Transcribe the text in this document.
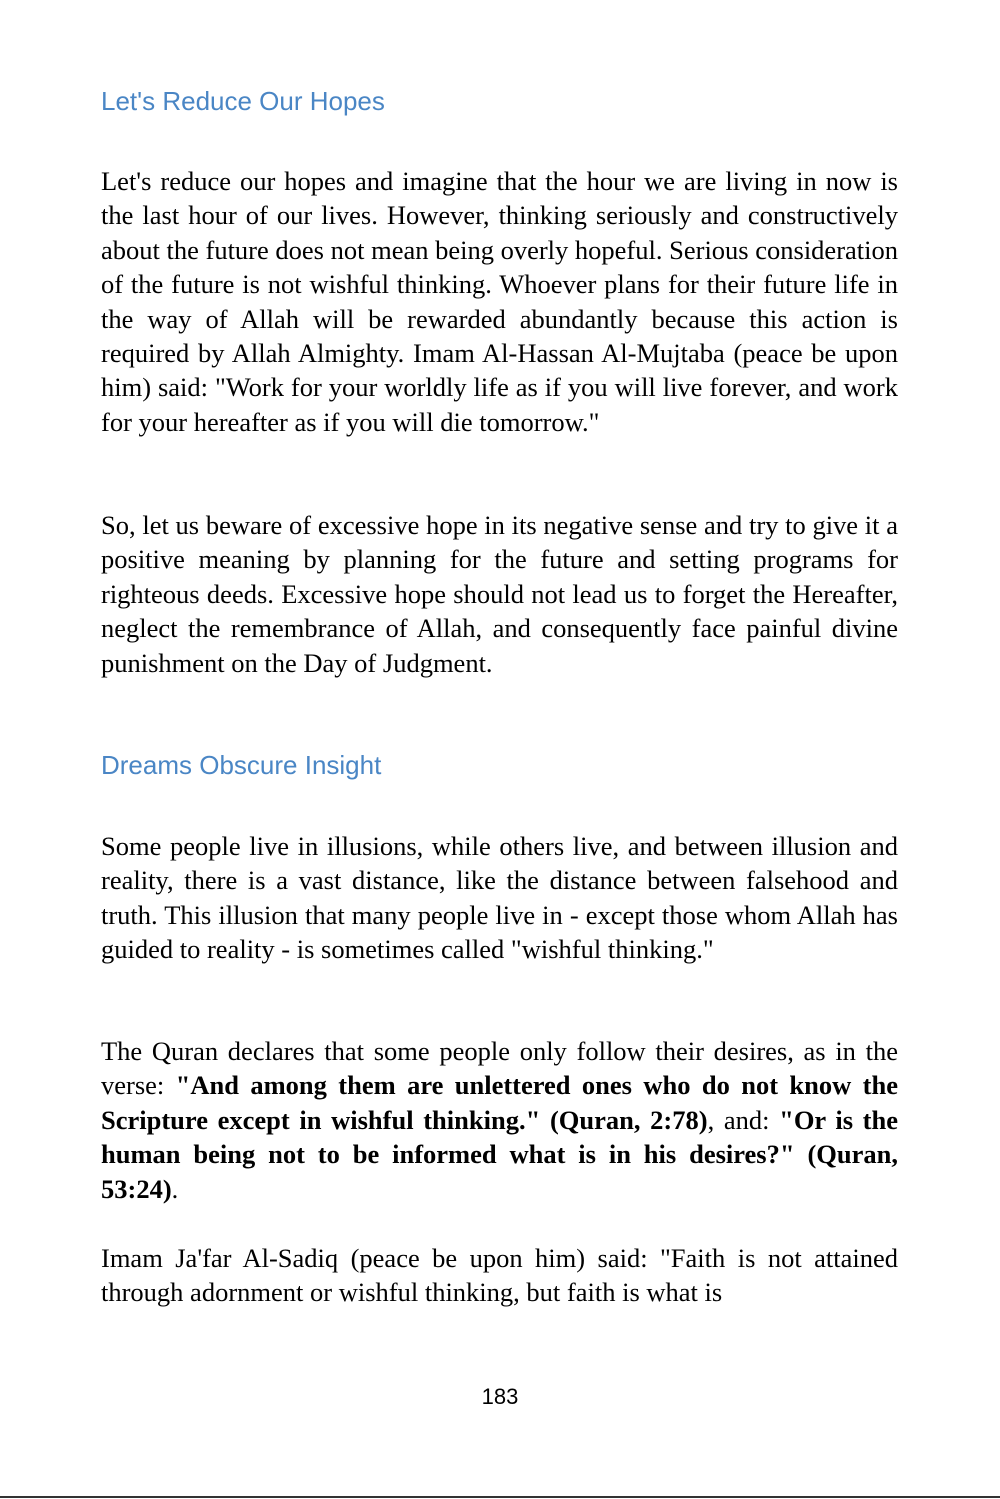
Let's Reduce Our Hopes

Let's reduce our hopes and imagine that the hour we are living in now is the last hour of our lives. However, thinking seriously and constructively about the future does not mean being overly hopeful. Serious consideration of the future is not wishful thinking. Whoever plans for their future life in the way of Allah will be rewarded abundantly because this action is required by Allah Almighty. Imam Al-Hassan Al-Mujtaba (peace be upon him) said: "Work for your worldly life as if you will live forever, and work for your hereafter as if you will die tomorrow."

So, let us beware of excessive hope in its negative sense and try to give it a positive meaning by planning for the future and setting programs for righteous deeds. Excessive hope should not lead us to forget the Hereafter, neglect the remembrance of Allah, and consequently face painful divine punishment on the Day of Judgment.

Dreams Obscure Insight

Some people live in illusions, while others live, and between illusion and reality, there is a vast distance, like the distance between falsehood and truth. This illusion that many people live in - except those whom Allah has guided to reality - is sometimes called "wishful thinking."

The Quran declares that some people only follow their desires, as in the verse: "And among them are unlettered ones who do not know the Scripture except in wishful thinking." (Quran, 2:78), and: "Or is the human being not to be informed what is in his desires?" (Quran, 53:24).

Imam Ja'far Al-Sadiq (peace be upon him) said: "Faith is not attained through adornment or wishful thinking, but faith is what is

183
